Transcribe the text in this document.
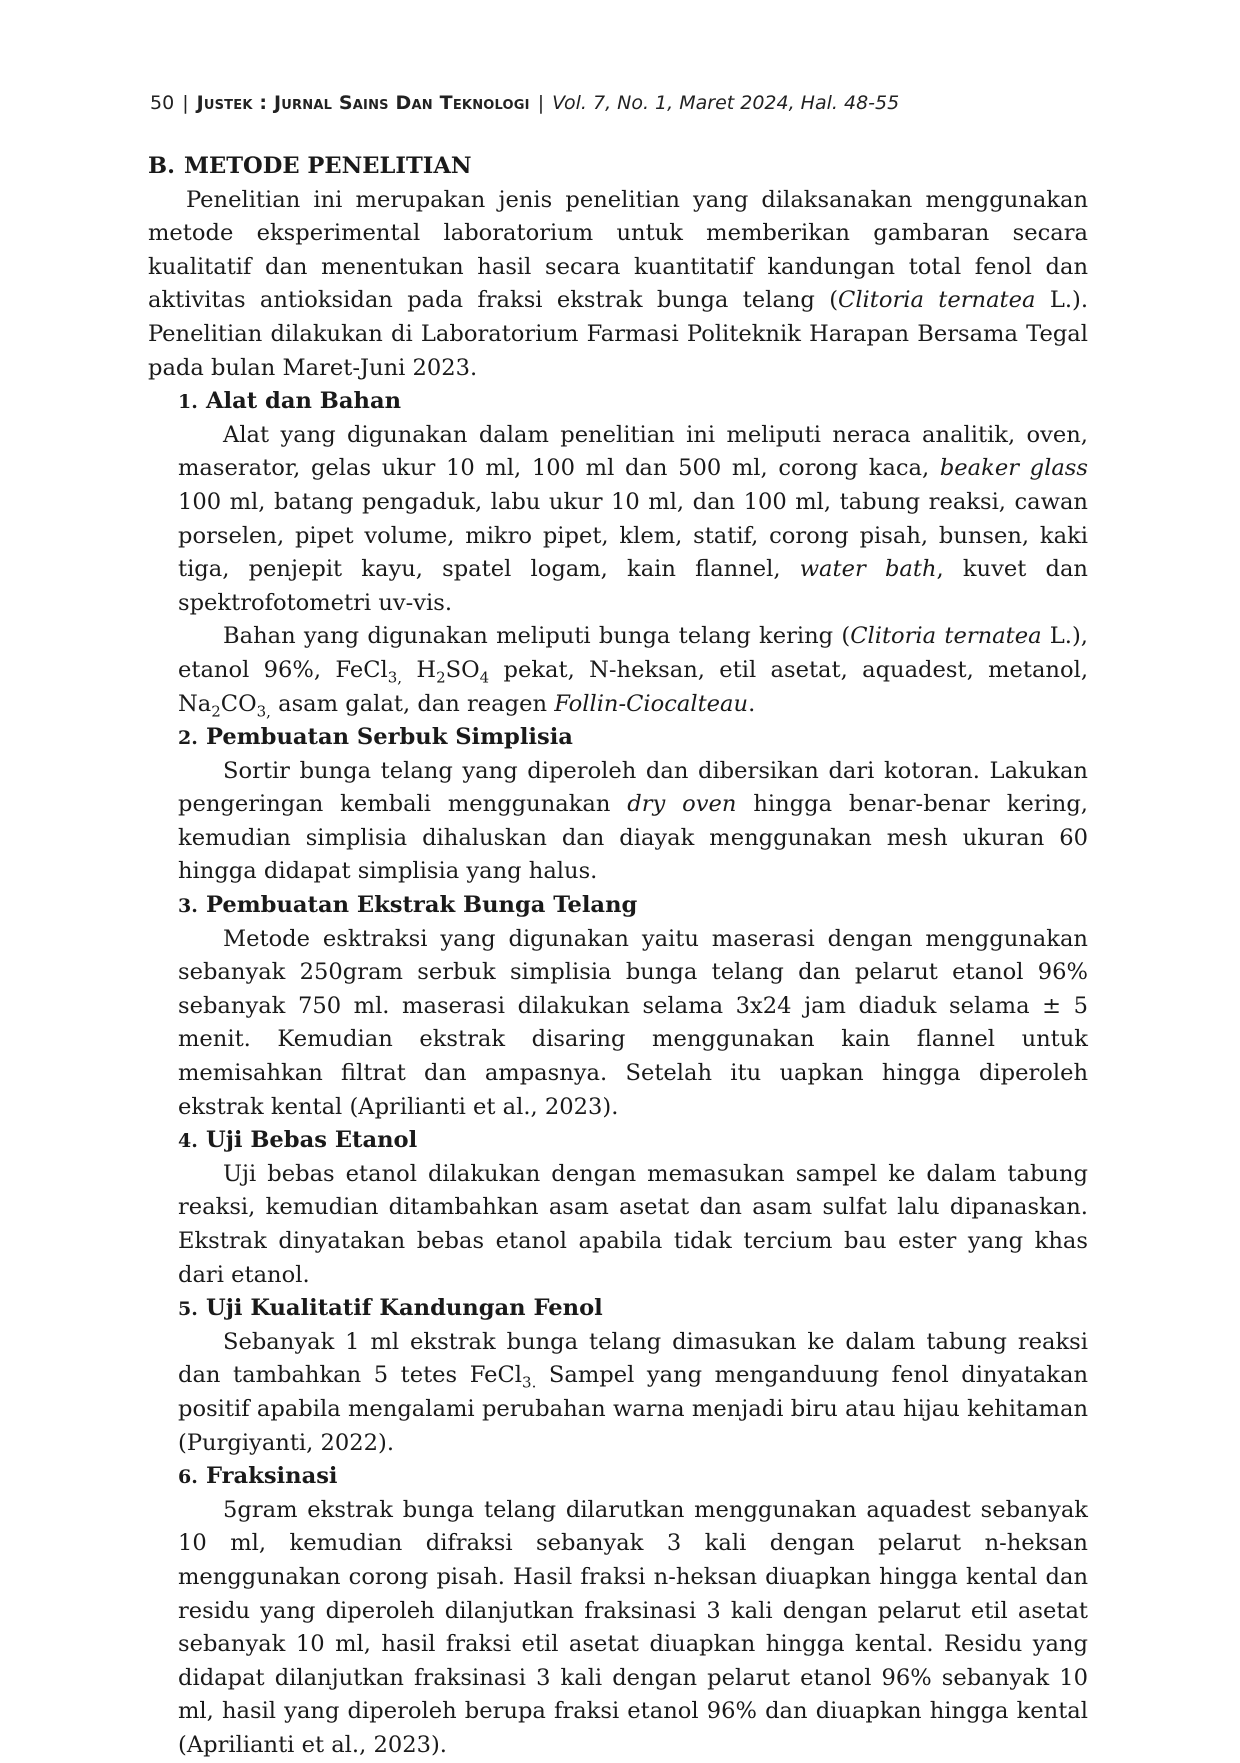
50 | Justek : Jurnal Sains Dan Teknologi | Vol. 7, No. 1, Maret 2024, Hal. 48-55
B. METODE PENELITIAN

Penelitian ini merupakan jenis penelitian yang dilaksanakan menggunakan metode eksperimental laboratorium untuk memberikan gambaran secara kualitatif dan menentukan hasil secara kuantitatif kandungan total fenol dan aktivitas antioksidan pada fraksi ekstrak bunga telang (Clitoria ternatea L.). Penelitian dilakukan di Laboratorium Farmasi Politeknik Harapan Bersama Tegal pada bulan Maret-Juni 2023.

1. Alat dan Bahan

Alat yang digunakan dalam penelitian ini meliputi neraca analitik, oven, maserator, gelas ukur 10 ml, 100 ml dan 500 ml, corong kaca, beaker glass 100 ml, batang pengaduk, labu ukur 10 ml, dan 100 ml, tabung reaksi, cawan porselen, pipet volume, mikro pipet, klem, statif, corong pisah, bunsen, kaki tiga, penjepit kayu, spatel logam, kain flannel, water bath, kuvet dan spektrofotometri uv-vis.

Bahan yang digunakan meliputi bunga telang kering (Clitoria ternatea L.), etanol 96%, FeCl$_{3,}$ $H_2SO_4$ pekat, N-heksan, etil asetat, aquadest, metanol, $Na_2CO_{3,}$ asam galat, dan reagen Follin-Ciocalteau.

2. Pembuatan Serbuk Simplisia

Sortir bunga telang yang diperoleh dan dibersikan dari kotoran. Lakukan pengeringan kembali menggunakan dry oven hingga benar-benar kering, kemudian simplisia dihaluskan dan diayak menggunakan mesh ukuran 60 hingga didapat simplisia yang halus.

3. Pembuatan Ekstrak Bunga Telang

Metode esktraksi yang digunakan yaitu maserasi dengan menggunakan sebanyak 250gram serbuk simplisia bunga telang dan pelarut etanol 96% sebanyak 750 ml. maserasi dilakukan selama 3x24 jam diaduk selama ± 5 menit. Kemudian ekstrak disaring menggunakan kain flannel untuk memisahkan filtrat dan ampasnya. Setelah itu uapkan hingga diperoleh ekstrak kental (Aprilianti et al., 2023).

4. Uji Bebas Etanol

Uji bebas etanol dilakukan dengan memasukan sampel ke dalam tabung reaksi, kemudian ditambahkan asam asetat dan asam sulfat lalu dipanaskan. Ekstrak dinyatakan bebas etanol apabila tidak tercium bau ester yang khas dari etanol.

5. Uji Kualitatif Kandungan Fenol

Sebanyak 1 ml ekstrak bunga telang dimasukan ke dalam tabung reaksi dan tambahkan 5 tetes FeCl$_{3.}$ Sampel yang menganduung fenol dinyatakan positif apabila mengalami perubahan warna menjadi biru atau hijau kehitaman (Purgiyanti, 2022).

6. Fraksinasi

5gram ekstrak bunga telang dilarutkan menggunakan aquadest sebanyak 10 ml, kemudian difraksi sebanyak 3 kali dengan pelarut n-heksan menggunakan corong pisah. Hasil fraksi n-heksan diuapkan hingga kental dan residu yang diperoleh dilanjutkan fraksinasi 3 kali dengan pelarut etil asetat sebanyak 10 ml, hasil fraksi etil asetat diuapkan hingga kental. Residu yang didapat dilanjutkan fraksinasi 3 kali dengan pelarut etanol 96% sebanyak 10 ml, hasil yang diperoleh berupa fraksi etanol 96% dan diuapkan hingga kental (Aprilianti et al., 2023).
